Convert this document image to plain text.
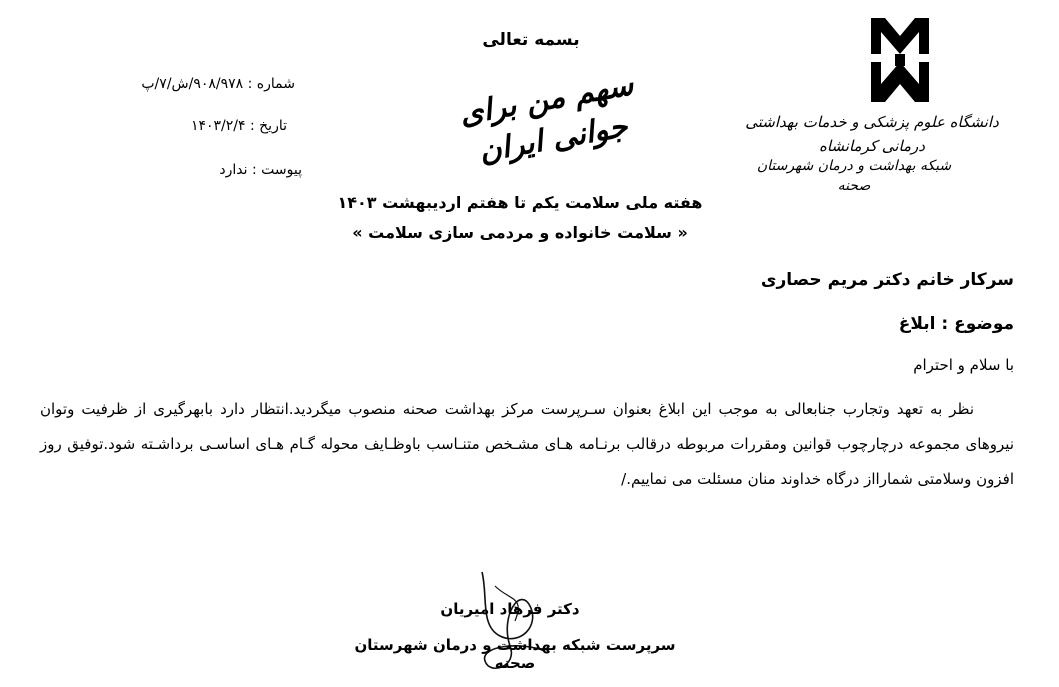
دانشگاه علوم پزشکی و خدمات بهداشتی درمانی کرمانشاه
شبکه بهداشت و درمان شهرستان صحنه
بسمه تعالی
سهم من برای جوانی ایران
هفته ملی سلامت یکم تا هفتم اردیبهشت ۱۴۰۳
« سلامت خانواده و مردمی سازی سلامت »
شماره : ۹۰۸/۹۷۸/ش/۷/پ
تاریخ : ۱۴۰۳/۲/۴
پیوست : ندارد
سرکار خانم دکتر مریم حصاری
موضوع : ابلاغ
با سلام و احترام
نظر به تعهد وتجارب جنابعالی به موجب این ابلاغ بعنوان سـرپرست مرکز بهداشت صحنه منصوب میگردید.انتظار دارد بابهرگیری از ظرفیت وتوان نیروهای مجموعه درچارچوب قوانین ومقررات مربوطه درقالب برنـامه هـای مشـخص متنـاسب باوظـایف محوله گـام هـای اساسـی برداشـته شود.توفیق روز افزون وسلامتی شمارااز درگاه خداوند منان مسئلت می نماییم./
دکتر فرهاد امیریان
سرپرست شبکه بهداشت و درمان شهرستان صحنه
